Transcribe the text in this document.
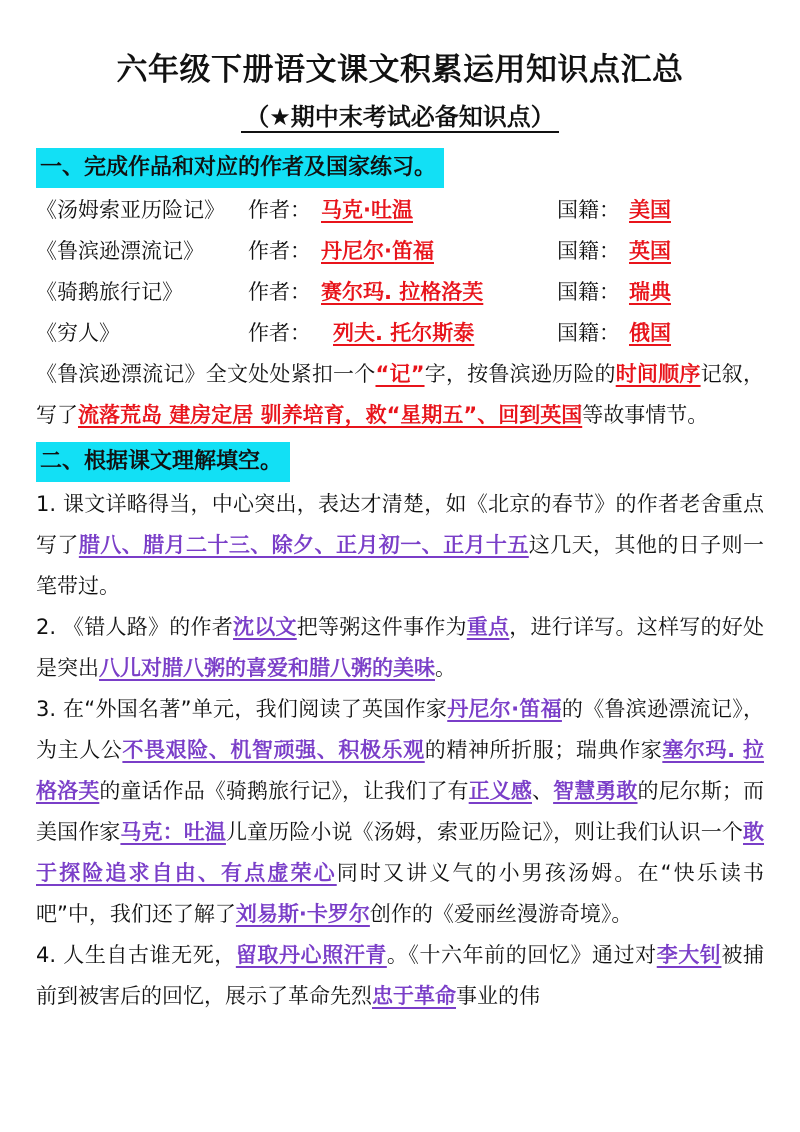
六年级下册语文课文积累运用知识点汇总
（★期中末考试必备知识点）
一、完成作品和对应的作者及国家练习。
《汤姆索亚历险记》	作者： 马克·吐温	国籍： 美国
《鲁滨逊漂流记》	作者： 丹尼尔·笛福	国籍： 英国
《骑鹅旅行记》	作者： 赛尔玛. 拉格洛芙	国籍： 瑞典
《穷人》	作者：	列夫. 托尔斯泰	国籍： 俄国

《鲁滨逊漂流记》全文处处紧扣一个“记”字，按鲁滨逊历险的时间顺序记叙，写了流落荒岛 建房定居 驯养培育，救“星期五”、回到英国等故事情节。

二、根据课文理解填空。

1. 课文详略得当，中心突出，表达才清楚，如《北京的春节》的作者老舍重点写了腊八、腊月二十三、除夕、正月初一、正月十五这几天，其他的日子则一笔带过。

2. 《错人路》的作者沈以文把等粥这件事作为重点，进行详写。这样写的好处是突出八儿对腊八粥的喜爱和腊八粥的美味。

3. 在“外国名著”单元，我们阅读了英国作家丹尼尔·笛福的《鲁滨逊漂流记》，为主人公不畏艰险、机智顽强、积极乐观的精神所折服；瑞典作家塞尔玛. 拉格洛芙的童话作品《骑鹅旅行记》，让我们了有正义感、智慧勇敢的尼尔斯；而美国作家马克：吐温儿童历险小说《汤姆，索亚历险记》，则让我们认识一个敢于探险追求自由、有点虚荣心同时又讲义气的小男孩汤姆。在“快乐读书吧”中，我们还了解了刘易斯·卡罗尔创作的《爱丽丝漫游奇境》。

4. 人生自古谁无死，留取丹心照汗青。《十六年前的回忆》通过对李大钊被捕前到被害后的回忆，展示了革命先烈忠于革命事业的伟
